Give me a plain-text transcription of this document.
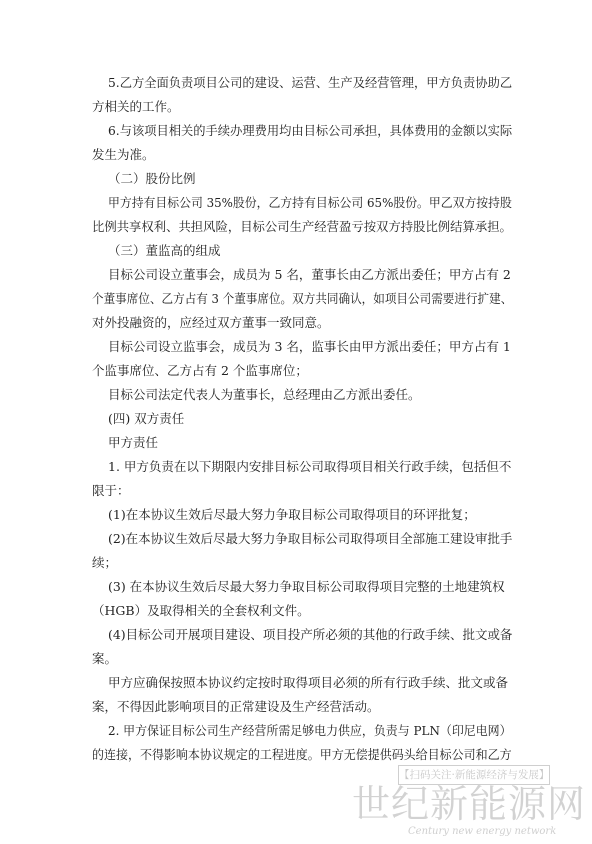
5.乙方全面负责项目公司的建设、运营、生产及经营管理，甲方负责协助乙
方相关的工作。
6.与该项目相关的手续办理费用均由目标公司承担，具体费用的金额以实际
发生为准。
（二）股份比例
甲方持有目标公司 35%股份，乙方持有目标公司 65%股份。甲乙双方按持股
比例共享权利、共担风险，目标公司生产经营盈亏按双方持股比例结算承担。
（三）董监高的组成
目标公司设立董事会，成员为 5 名，董事长由乙方派出委任；甲方占有 2
个董事席位、乙方占有 3 个董事席位。双方共同确认，如项目公司需要进行扩建、
对外投融资的，应经过双方董事一致同意。
目标公司设立监事会，成员为 3 名，监事长由甲方派出委任；甲方占有 1
个监事席位、乙方占有 2 个监事席位；
目标公司法定代表人为董事长，总经理由乙方派出委任。
(四) 双方责任
甲方责任
1. 甲方负责在以下期限内安排目标公司取得项目相关行政手续，包括但不
限于：
(1)在本协议生效后尽最大努力争取目标公司取得项目的环评批复；
(2)在本协议生效后尽最大努力争取目标公司取得项目全部施工建设审批手
续；
(3) 在本协议生效后尽最大努力争取目标公司取得项目完整的土地建筑权
（HGB）及取得相关的全套权利文件。
(4)目标公司开展项目建设、项目投产所必须的其他的行政手续、批文或备
案。
甲方应确保按照本协议约定按时取得项目必须的所有行政手续、批文或备
案，不得因此影响项目的正常建设及生产经营活动。
2. 甲方保证目标公司生产经营所需足够电力供应，负责与 PLN（印尼电网）
的连接，不得影响本协议规定的工程进度。甲方无偿提供码头给目标公司和乙方
【扫码关注·新能源经济与发展】
世纪新能源网
Century new energy network
